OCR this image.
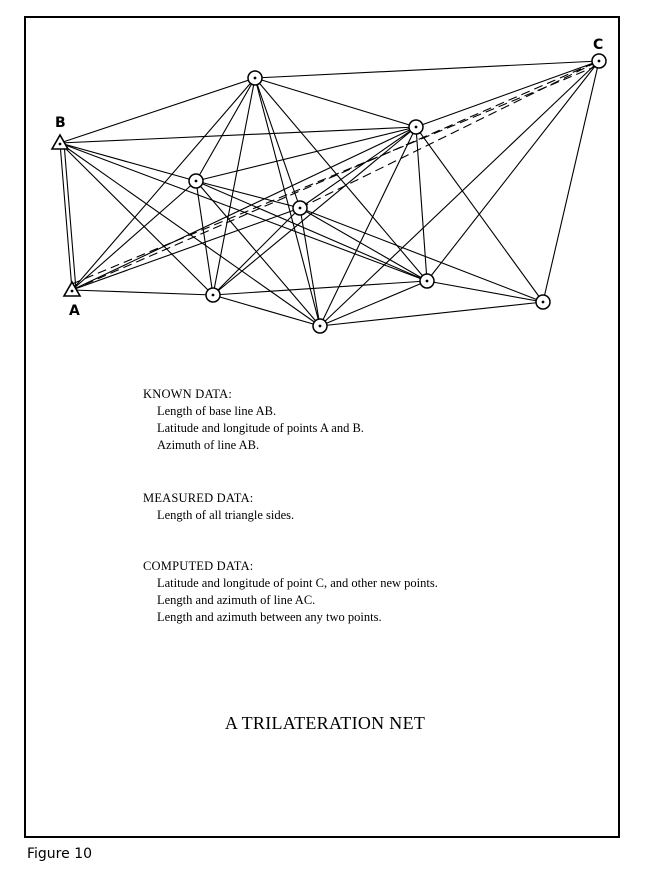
A
B
C
KNOWN DATA:
Length of base line AB.
Latitude and longitude of points A and B.
Azimuth of line AB.
MEASURED DATA:
Length of all triangle sides.
COMPUTED DATA:
Latitude and longitude of point C, and other new points.
Length and azimuth of line AC.
Length and azimuth between any two points.
A TRILATERATION NET
Figure 10
